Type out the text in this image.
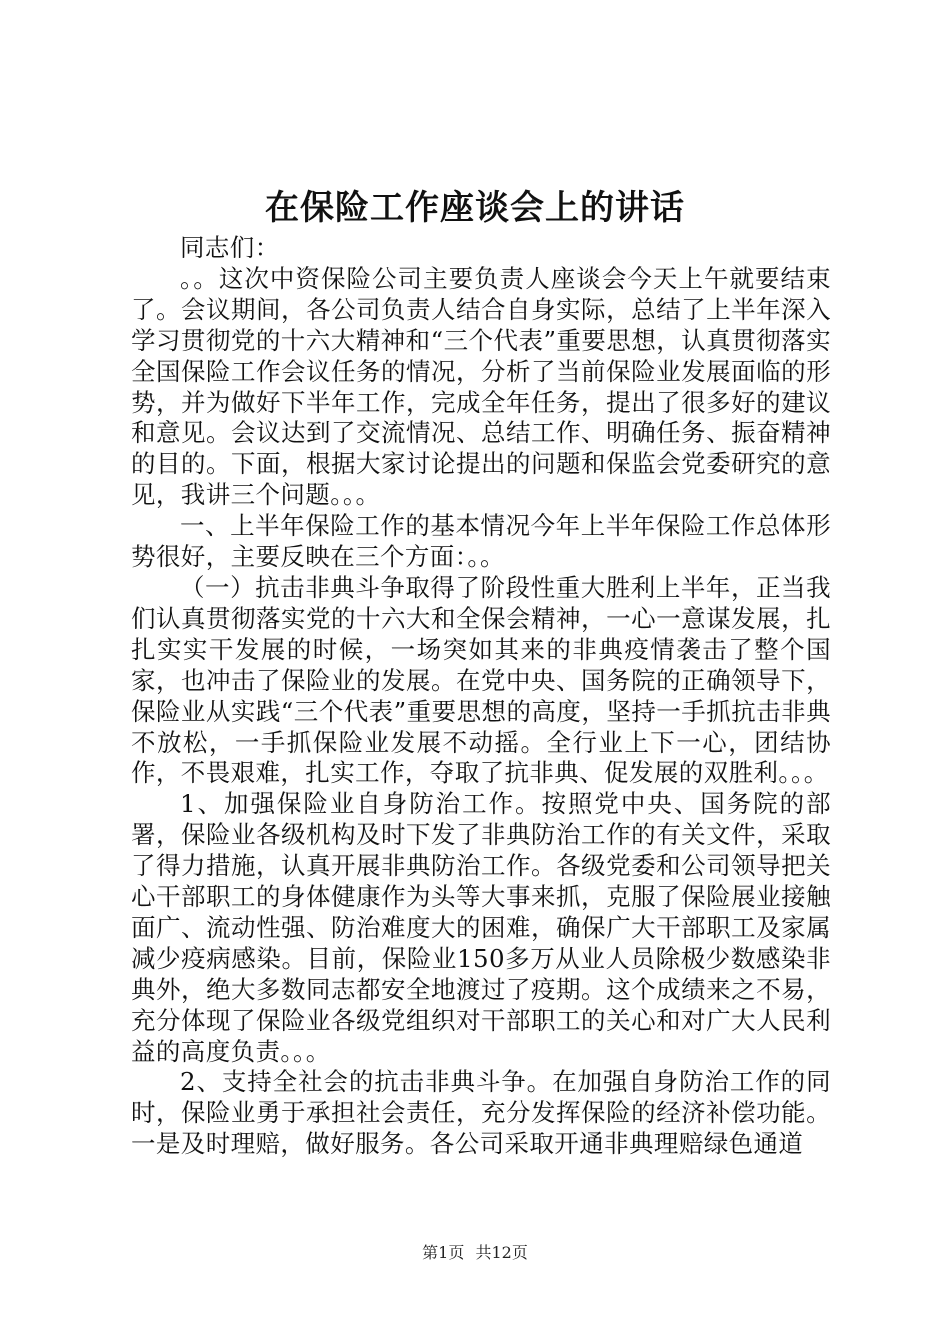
在保险工作座谈会上的讲话

同志们：

。。这次中资保险公司主要负责人座谈会今天上午就要结束了。会议期间，各公司负责人结合自身实际，总结了上半年深入学习贯彻党的十六大精神和“三个代表”重要思想，认真贯彻落实全国保险工作会议任务的情况，分析了当前保险业发展面临的形势，并为做好下半年工作，完成全年任务，提出了很多好的建议和意见。会议达到了交流情况、总结工作、明确任务、振奋精神的目的。下面，根据大家讨论提出的问题和保监会党委研究的意见，我讲三个问题。。。

一、上半年保险工作的基本情况今年上半年保险工作总体形势很好，主要反映在三个方面：。。

（一）抗击非典斗争取得了阶段性重大胜利上半年，正当我们认真贯彻落实党的十六大和全保会精神，一心一意谋发展，扎扎实实干发展的时候，一场突如其来的非典疫情袭击了整个国家，也冲击了保险业的发展。在党中央、国务院的正确领导下，保险业从实践“三个代表”重要思想的高度，坚持一手抓抗击非典不放松，一手抓保险业发展不动摇。全行业上下一心，团结协作，不畏艰难，扎实工作，夺取了抗非典、促发展的双胜利。。。

1、加强保险业自身防治工作。按照党中央、国务院的部署，保险业各级机构及时下发了非典防治工作的有关文件，采取了得力措施，认真开展非典防治工作。各级党委和公司领导把关心干部职工的身体健康作为头等大事来抓，克服了保险展业接触面广、流动性强、防治难度大的困难，确保广大干部职工及家属减少疫病感染。目前，保险业150多万从业人员除极少数感染非典外，绝大多数同志都安全地渡过了疫期。这个成绩来之不易，充分体现了保险业各级党组织对干部职工的关心和对广大人民利益的高度负责。。。

2、支持全社会的抗击非典斗争。在加强自身防治工作的同时，保险业勇于承担社会责任，充分发挥保险的经济补偿功能。一是及时理赔，做好服务。各公司采取开通非典理赔绿色通道

第1页 共12页
